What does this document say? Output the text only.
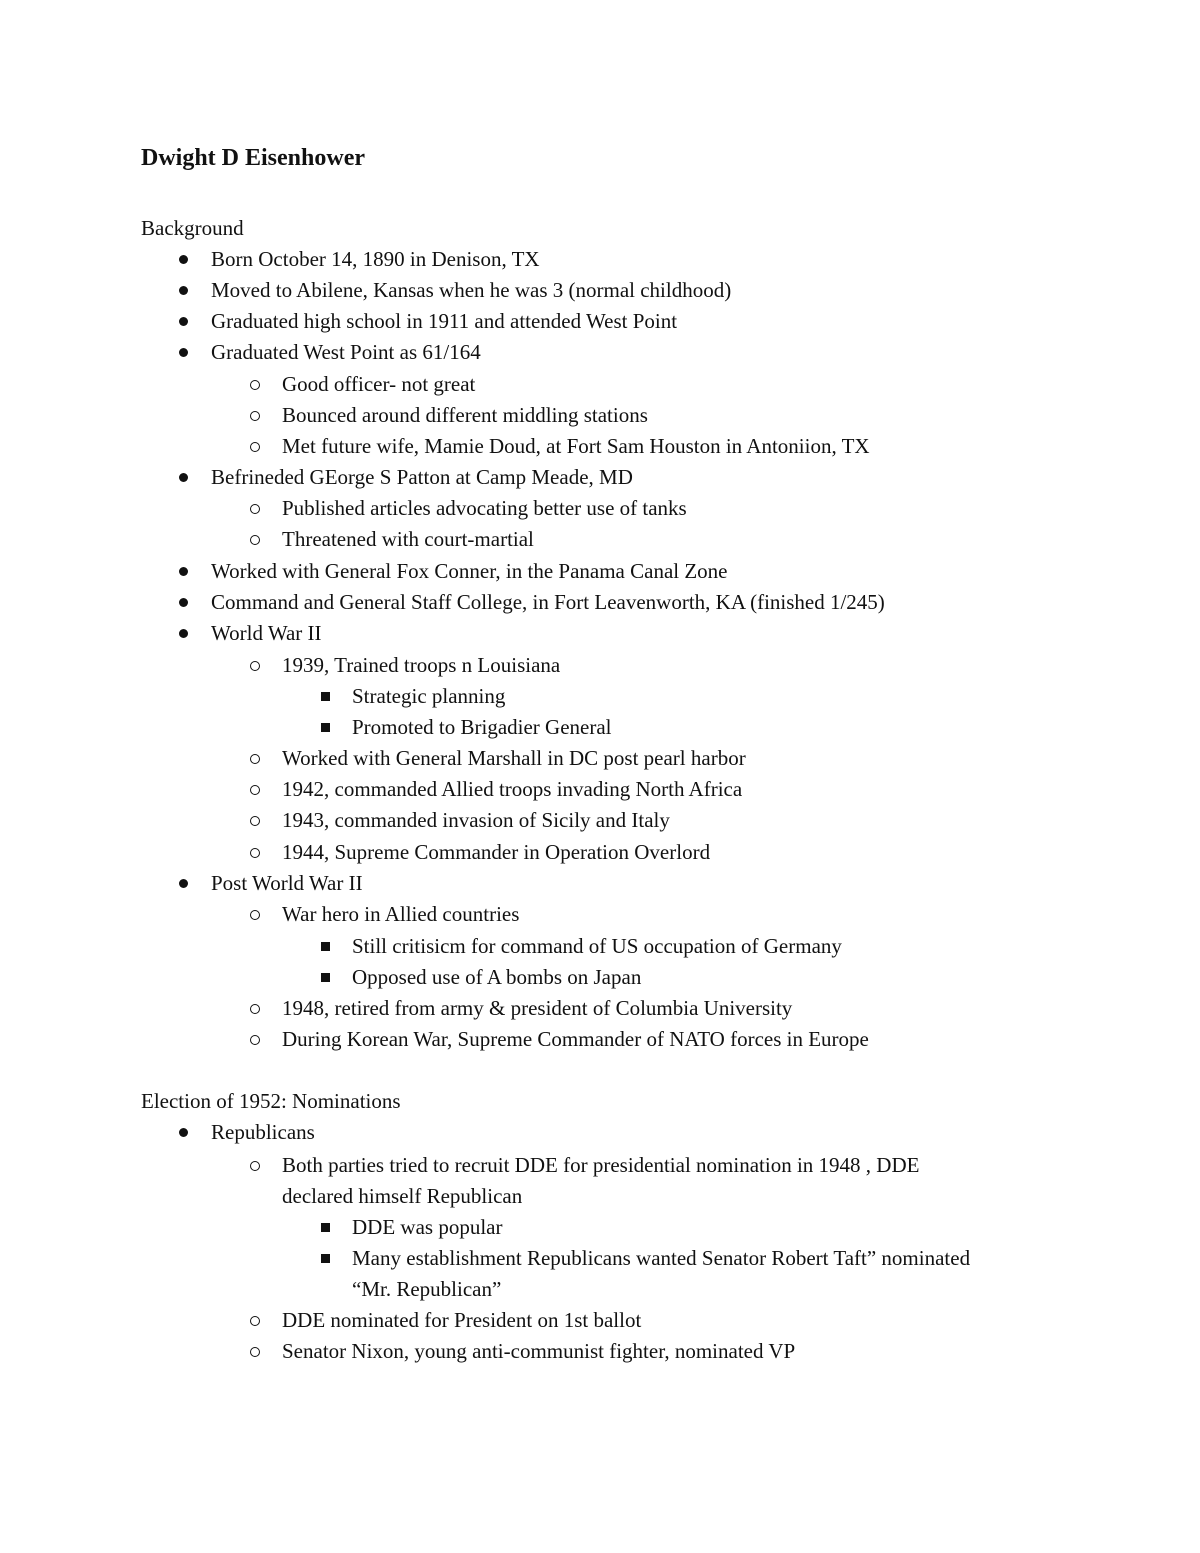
Dwight D Eisenhower
Background
Born October 14, 1890 in Denison, TX
Moved to Abilene, Kansas when he was 3 (normal childhood)
Graduated high school in 1911 and attended West Point
Graduated West Point as 61/164
Good officer- not great
Bounced around different middling stations
Met future wife, Mamie Doud, at Fort Sam Houston in Antoniion, TX
Befrineded GEorge S Patton at Camp Meade, MD
Published articles advocating better use of tanks
Threatened with court-martial
Worked with General Fox Conner, in the Panama Canal Zone
Command and General Staff College, in Fort Leavenworth, KA (finished 1/245)
World War II
1939, Trained troops n Louisiana
Strategic planning
Promoted to Brigadier General
Worked with General Marshall in DC post pearl harbor
1942, commanded Allied troops invading North Africa
1943, commanded invasion of Sicily and Italy
1944, Supreme Commander in Operation Overlord
Post World War II
War hero in Allied countries
Still critisicm for command of US occupation of Germany
Opposed use of A bombs on Japan
1948, retired from army & president of Columbia University
During Korean War, Supreme Commander of NATO forces in Europe
Election of 1952: Nominations
Republicans
Both parties tried to recruit DDE for presidential nomination in 1948 , DDE
declared himself Republican
DDE was popular
Many establishment Republicans wanted Senator Robert Taft” nominated
“Mr. Republican”
DDE nominated for President on 1st ballot
Senator Nixon, young anti-communist fighter, nominated VP
